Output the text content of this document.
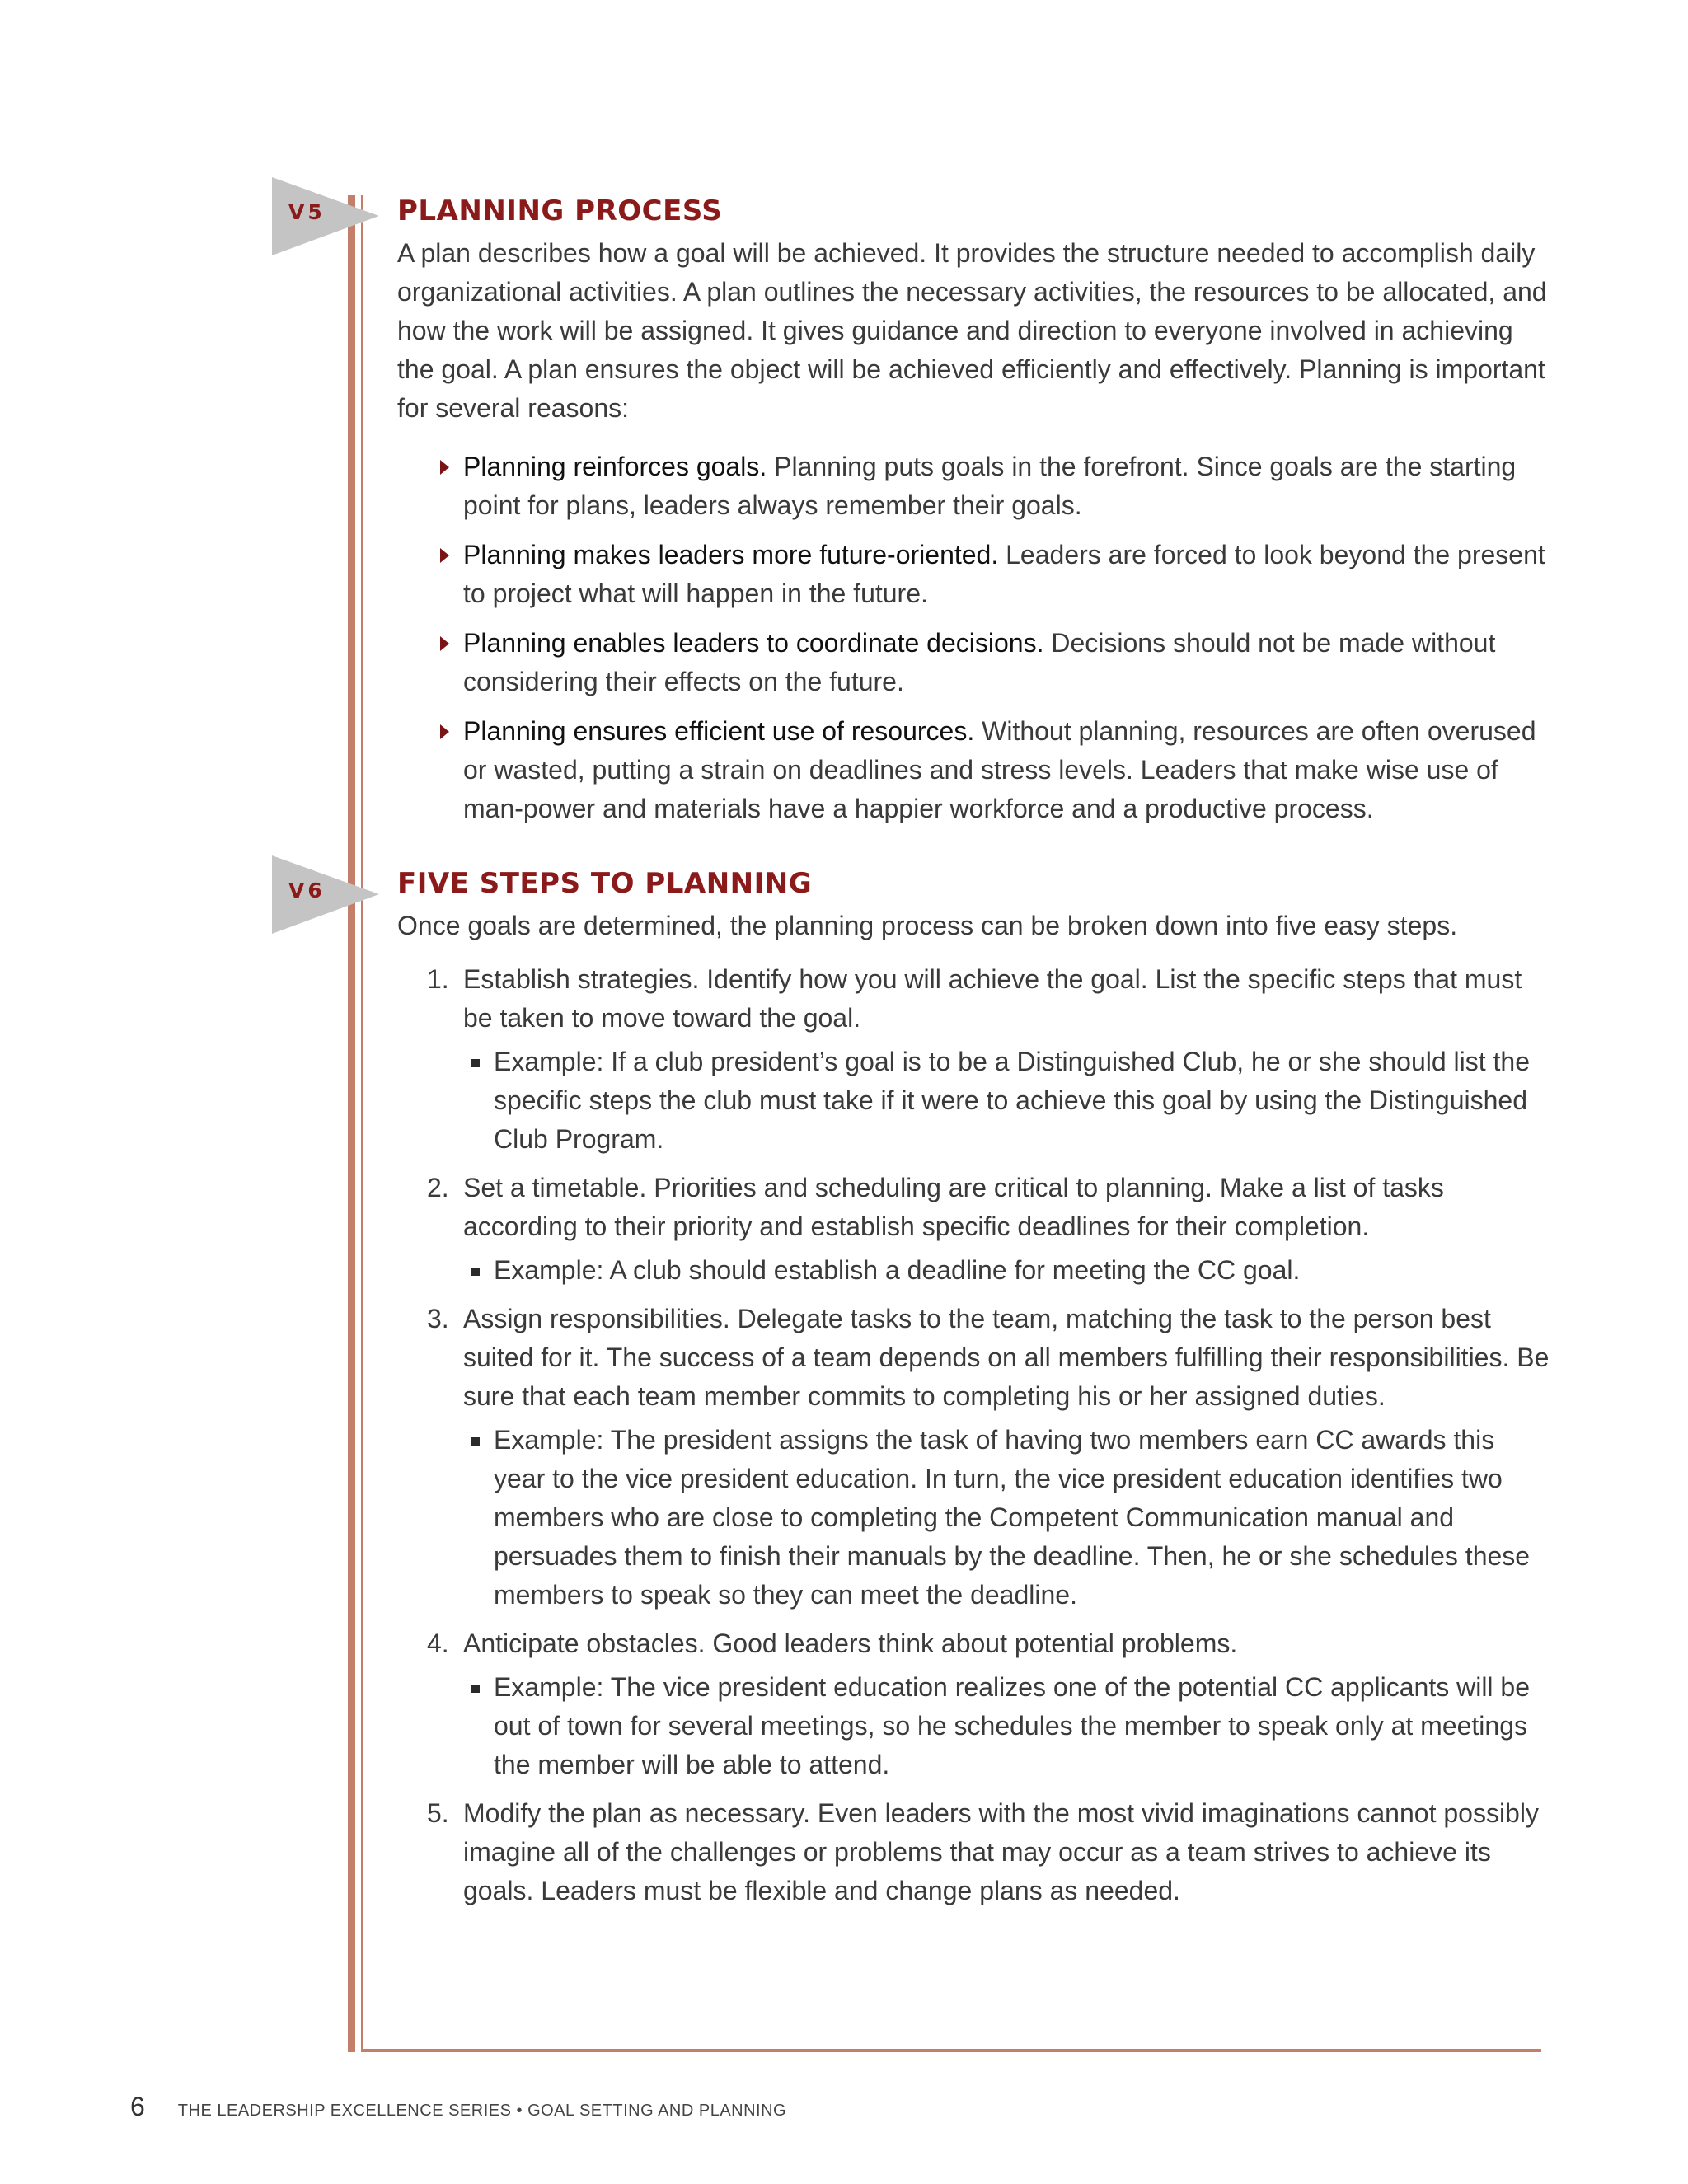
V5
V6
PLANNING PROCESS

A plan describes how a goal will be achieved. It provides the structure needed to accomplish daily organizational activities. A plan outlines the necessary activities, the resources to be allocated, and how the work will be assigned. It gives guidance and direction to everyone involved in achieving the goal. A plan ensures the object will be achieved efficiently and effectively. Planning is important for several reasons:

Planning reinforces goals. Planning puts goals in the forefront. Since goals are the starting point for plans, leaders always remember their goals.
Planning makes leaders more future-oriented. Leaders are forced to look beyond the present to project what will happen in the future.
Planning enables leaders to coordinate decisions. Decisions should not be made without considering their effects on the future.
Planning ensures efficient use of resources. Without planning, resources are often overused or wasted, putting a strain on deadlines and stress levels. Leaders that make wise use of man-power and materials have a happier workforce and a productive process.
FIVE STEPS TO PLANNING

Once goals are determined, the planning process can be broken down into five easy steps.

1. Establish strategies. Identify how you will achieve the goal. List the specific steps that must be taken to move toward the goal.
Example: If a club president’s goal is to be a Distinguished Club, he or she should list the specific steps the club must take if it were to achieve this goal by using the Distinguished Club Program.
2. Set a timetable. Priorities and scheduling are critical to planning. Make a list of tasks according to their priority and establish specific deadlines for their completion.
Example: A club should establish a deadline for meeting the CC goal.
3. Assign responsibilities. Delegate tasks to the team, matching the task to the person best suited for it. The success of a team depends on all members fulfilling their responsibilities. Be sure that each team member commits to completing his or her assigned duties.
Example: The president assigns the task of having two members earn CC awards this year to the vice president education. In turn, the vice president education identifies two members who are close to completing the Competent Communication manual and persuades them to finish their manuals by the deadline. Then, he or she schedules these members to speak so they can meet the deadline.
4. Anticipate obstacles. Good leaders think about potential problems.
Example: The vice president education realizes one of the potential CC applicants will be out of town for several meetings, so he schedules the member to speak only at meetings the member will be able to attend.
5. Modify the plan as necessary. Even leaders with the most vivid imaginations cannot possibly imagine all of the challenges or problems that may occur as a team strives to achieve its goals. Leaders must be flexible and change plans as needed.
6 THE LEADERSHIP EXCELLENCE SERIES • GOAL SETTING AND PLANNING
